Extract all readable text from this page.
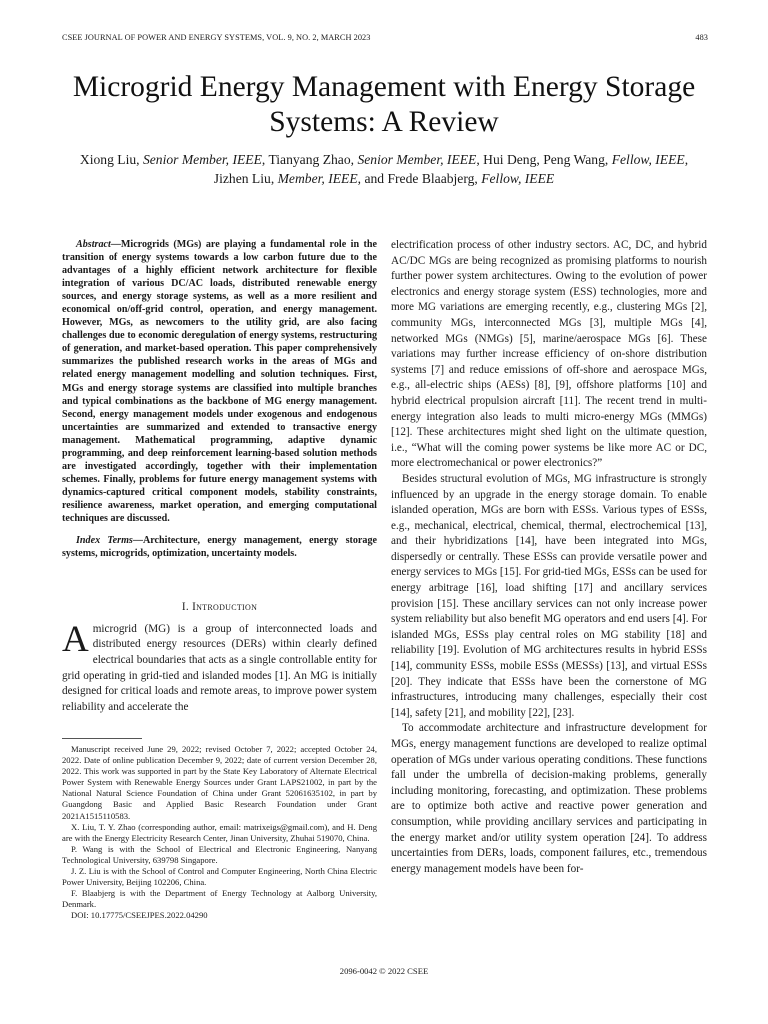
CSEE JOURNAL OF POWER AND ENERGY SYSTEMS, VOL. 9, NO. 2, MARCH 2023	483
Microgrid Energy Management with Energy Storage Systems: A Review
Xiong Liu, Senior Member, IEEE, Tianyang Zhao, Senior Member, IEEE, Hui Deng, Peng Wang, Fellow, IEEE,
Jizhen Liu, Member, IEEE, and Frede Blaabjerg, Fellow, IEEE

Abstract—Microgrids (MGs) are playing a fundamental role in the transition of energy systems towards a low carbon future due to the advantages of a highly efficient network architecture for flexible integration of various DC/AC loads, distributed renewable energy sources, and energy storage systems, as well as a more resilient and economical on/off-grid control, operation, and energy management. However, MGs, as newcomers to the utility grid, are also facing challenges due to economic deregulation of energy systems, restructuring of generation, and market-based operation. This paper comprehensively summarizes the published research works in the areas of MGs and related energy management modelling and solution techniques. First, MGs and energy storage systems are classified into multiple branches and typical combinations as the backbone of MG energy management. Second, energy management models under exogenous and endogenous uncertainties are summarized and extended to transactive energy management. Mathematical programming, adaptive dynamic programming, and deep reinforcement learning-based solution methods are investigated accordingly, together with their implementation schemes. Finally, problems for future energy management systems with dynamics-captured critical component models, stability constraints, resilience awareness, market operation, and emerging computational techniques are discussed.

Index Terms—Architecture, energy management, energy storage systems, microgrids, optimization, uncertainty models.

I. Introduction

Amicrogrid (MG) is a group of interconnected loads and distributed energy resources (DERs) within clearly defined electrical boundaries that acts as a single controllable entity for grid operating in grid-tied and islanded modes [1]. An MG is initially designed for critical loads and remote areas, to improve power system reliability and accelerate the

electrification process of other industry sectors. AC, DC, and hybrid AC/DC MGs are being recognized as promising platforms to nourish further power system architectures. Owing to the evolution of power electronics and energy storage system (ESS) technologies, more and more MG variations are emerging recently, e.g., clustering MGs [2], community MGs, interconnected MGs [3], multiple MGs [4], networked MGs (NMGs) [5], marine/aerospace MGs [6]. These variations may further increase efficiency of on-shore distribution systems [7] and reduce emissions of off-shore and aerospace MGs, e.g., all-electric ships (AESs) [8], [9], offshore platforms [10] and hybrid electrical propulsion aircraft [11]. The recent trend in multi-energy integration also leads to multi micro-energy MGs (MMGs) [12]. These architectures might shed light on the ultimate question, i.e., “What will the coming power systems be like more AC or DC, more electromechanical or power electronics?”

Besides structural evolution of MGs, MG infrastructure is strongly influenced by an upgrade in the energy storage domain. To enable islanded operation, MGs are born with ESSs. Various types of ESSs, e.g., mechanical, electrical, chemical, thermal, electrochemical [13], and their hybridizations [14], have been integrated into MGs, dispersedly or centrally. These ESSs can provide versatile power and energy services to MGs [15]. For grid-tied MGs, ESSs can be used for energy arbitrage [16], load shifting [17] and ancillary services provision [15]. These ancillary services can not only increase power system reliability but also benefit MG operators and end users [4]. For islanded MGs, ESSs play central roles on MG stability [18] and reliability [19]. Evolution of MG architectures results in hybrid ESSs [14], community ESSs, mobile ESSs (MESSs) [13], and virtual ESSs [20]. They indicate that ESSs have been the cornerstone of MG infrastructures, introducing many challenges, especially their cost [14], safety [21], and mobility [22], [23].

To accommodate architecture and infrastructure development for MGs, energy management functions are developed to realize optimal operation of MGs under various operating conditions. These functions fall under the umbrella of decision-making problems, generally including monitoring, forecasting, and optimization. These problems are to optimize both active and reactive power generation and consumption, while providing ancillary services and participating in the energy market and/or utility system operation [24]. To address uncertainties from DERs, loads, component failures, etc., tremendous energy management models have been for-

Manuscript received June 29, 2022; revised October 7, 2022; accepted October 24, 2022. Date of online publication December 9, 2022; date of current version December 28, 2022. This work was supported in part by the State Key Laboratory of Alternate Electrical Power System with Renewable Energy Sources under Grant LAPS21002, in part by the National Natural Science Foundation of China under Grant 52061635102, in part by Guangdong Basic and Applied Basic Research Foundation under Grant 2021A1515110583.

X. Liu, T. Y. Zhao (corresponding author, email: matrixeigs@gmail.com), and H. Deng are with the Energy Electricity Research Center, Jinan University, Zhuhai 519070, China.

P. Wang is with the School of Electrical and Electronic Engineering, Nanyang Technological University, 639798 Singapore.

J. Z. Liu is with the School of Control and Computer Engineering, North China Electric Power University, Beijing 102206, China.

F. Blaabjerg is with the Department of Energy Technology at Aalborg University, Denmark.

DOI: 10.17775/CSEEJPES.2022.04290

2096-0042 © 2022 CSEE
